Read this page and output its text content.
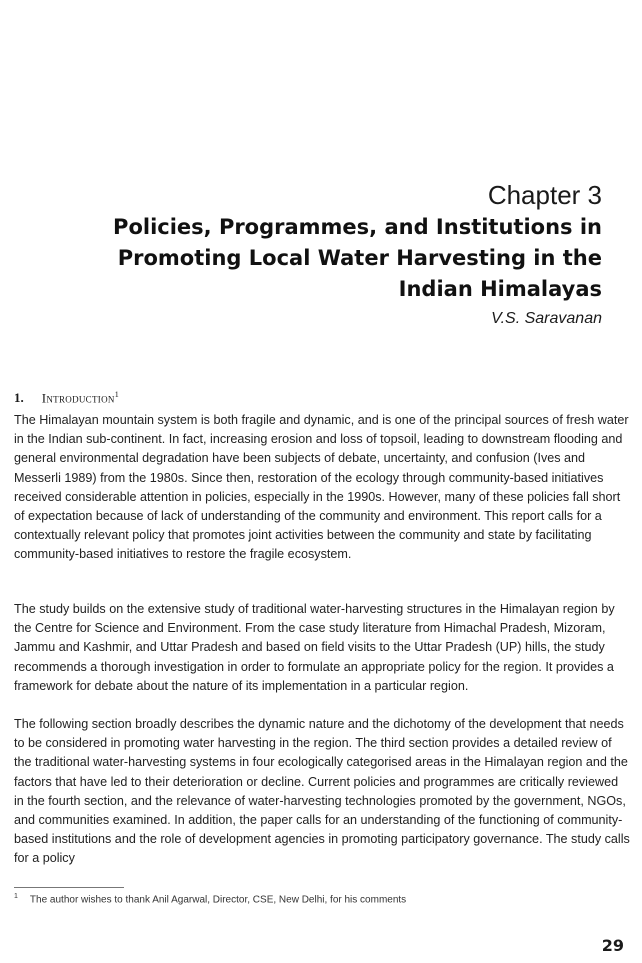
Chapter 3
Policies, Programmes, and Institutions in Promoting Local Water Harvesting in the Indian Himalayas
V.S. Saravanan
1. Introduction$^1$

The Himalayan mountain system is both fragile and dynamic, and is one of the principal sources of fresh water in the Indian sub-continent. In fact, increasing erosion and loss of topsoil, leading to downstream flooding and general environmental degradation have been subjects of debate, uncertainty, and confusion (Ives and Messerli 1989) from the 1980s. Since then, restoration of the ecology through community-based initiatives received considerable attention in policies, especially in the 1990s. However, many of these policies fall short of expectation because of lack of understanding of the community and environment. This report calls for a contextually relevant policy that promotes joint activities between the community and state by facilitating community-based initiatives to restore the fragile ecosystem.

The study builds on the extensive study of traditional water-harvesting structures in the Himalayan region by the Centre for Science and Environment. From the case study literature from Himachal Pradesh, Mizoram, Jammu and Kashmir, and Uttar Pradesh and based on field visits to the Uttar Pradesh (UP) hills, the study recommends a thorough investigation in order to formulate an appropriate policy for the region. It provides a framework for debate about the nature of its implementation in a particular region.

The following section broadly describes the dynamic nature and the dichotomy of the development that needs to be considered in promoting water harvesting in the region. The third section provides a detailed review of the traditional water-harvesting systems in four ecologically categorised areas in the Himalayan region and the factors that have led to their deterioration or decline. Current policies and programmes are critically reviewed in the fourth section, and the relevance of water-harvesting technologies promoted by the government, NGOs, and communities examined. In addition, the paper calls for an understanding of the functioning of community-based institutions and the role of development agencies in promoting participatory governance. The study calls for a policy

$^1$ The author wishes to thank Anil Agarwal, Director, CSE, New Delhi, for his comments
29
